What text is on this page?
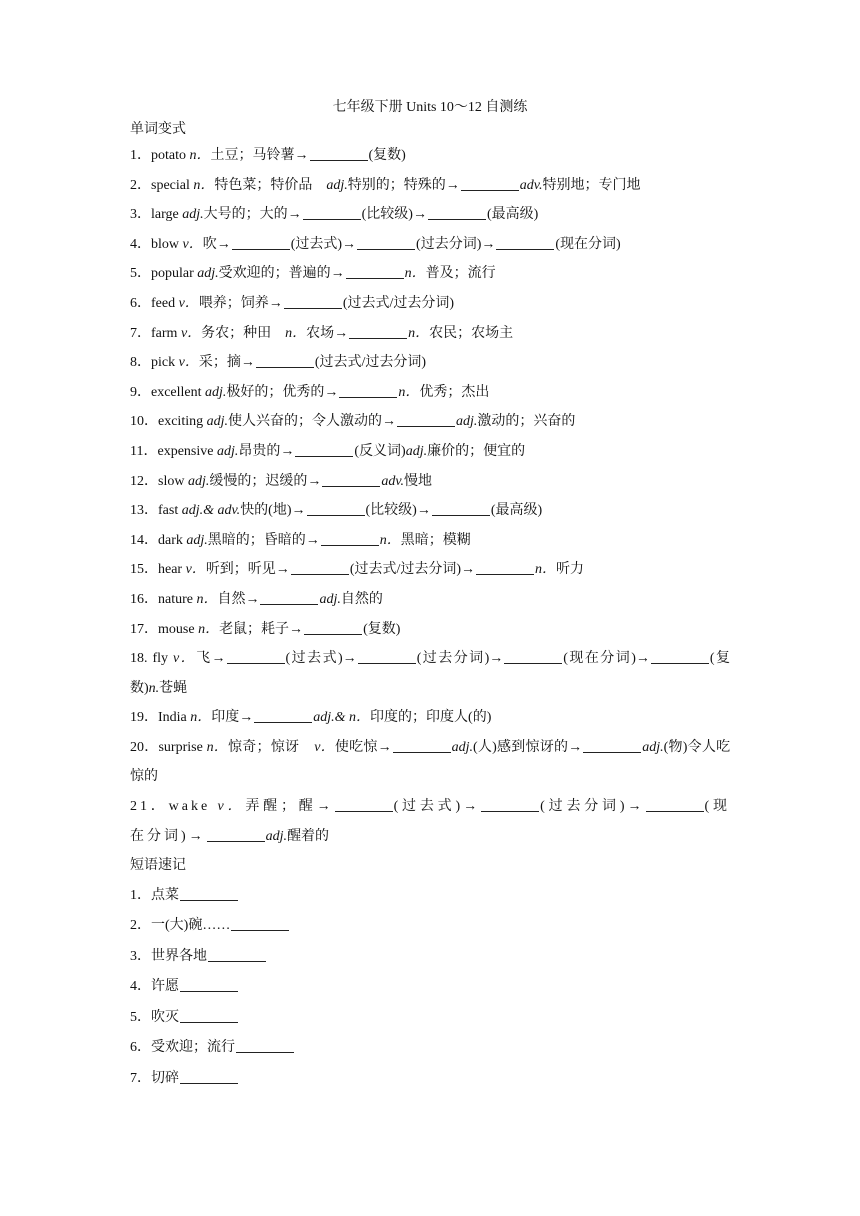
七年级下册 Units 10～12 自测练
单词变式
1．potato n．土豆；马铃薯→	(复数)
2．special n．特色菜；特价品 adj.特别的；特殊的→	adv.特别地；专门地
3．large adj.大号的；大的→	(比较级)→	(最高级)
4．blow v．吹→	(过去式)→	(过去分词)→	(现在分词)
5．popular adj.受欢迎的；普遍的→	n．普及；流行
6．feed v．喂养；饲养→	(过去式/过去分词)
7．farm v．务农；种田 n．农场→	n．农民；农场主
8．pick v．采；摘→	(过去式/过去分词)
9．excellent adj.极好的；优秀的→	n．优秀；杰出
10．exciting adj.使人兴奋的；令人激动的→	adj.激动的；兴奋的
11．expensive adj.昂贵的→	(反义词)adj.廉价的；便宜的
12．slow adj.缓慢的；迟缓的→	adv.慢地
13．fast adj.& adv.快的(地)→	(比较级)→	(最高级)
14．dark adj.黑暗的；昏暗的→	n．黑暗；模糊
15．hear v．听到；听见→	(过去式/过去分词)→	n．听力
16．nature n．自然→	adj.自然的
17．mouse n．老鼠；耗子→	(复数)
18. fly v．飞→	(过去式)→	(过去分词)→	(现在分词)→	(复数)n.苍蝇
19．India n．印度→	adj.& n．印度的；印度人(的)
20．surprise n．惊奇；惊讶 v．使吃惊→	adj.(人)感到惊讶的→	adj.(物)令人吃惊的
21．wake v．弄醒；醒→	(过去式)→	(过去分词)→	(现在分词)→	adj.醒着的
短语速记
1．点菜
2．一(大)碗……
3．世界各地
4．许愿
5．吹灭
6．受欢迎；流行
7．切碎
